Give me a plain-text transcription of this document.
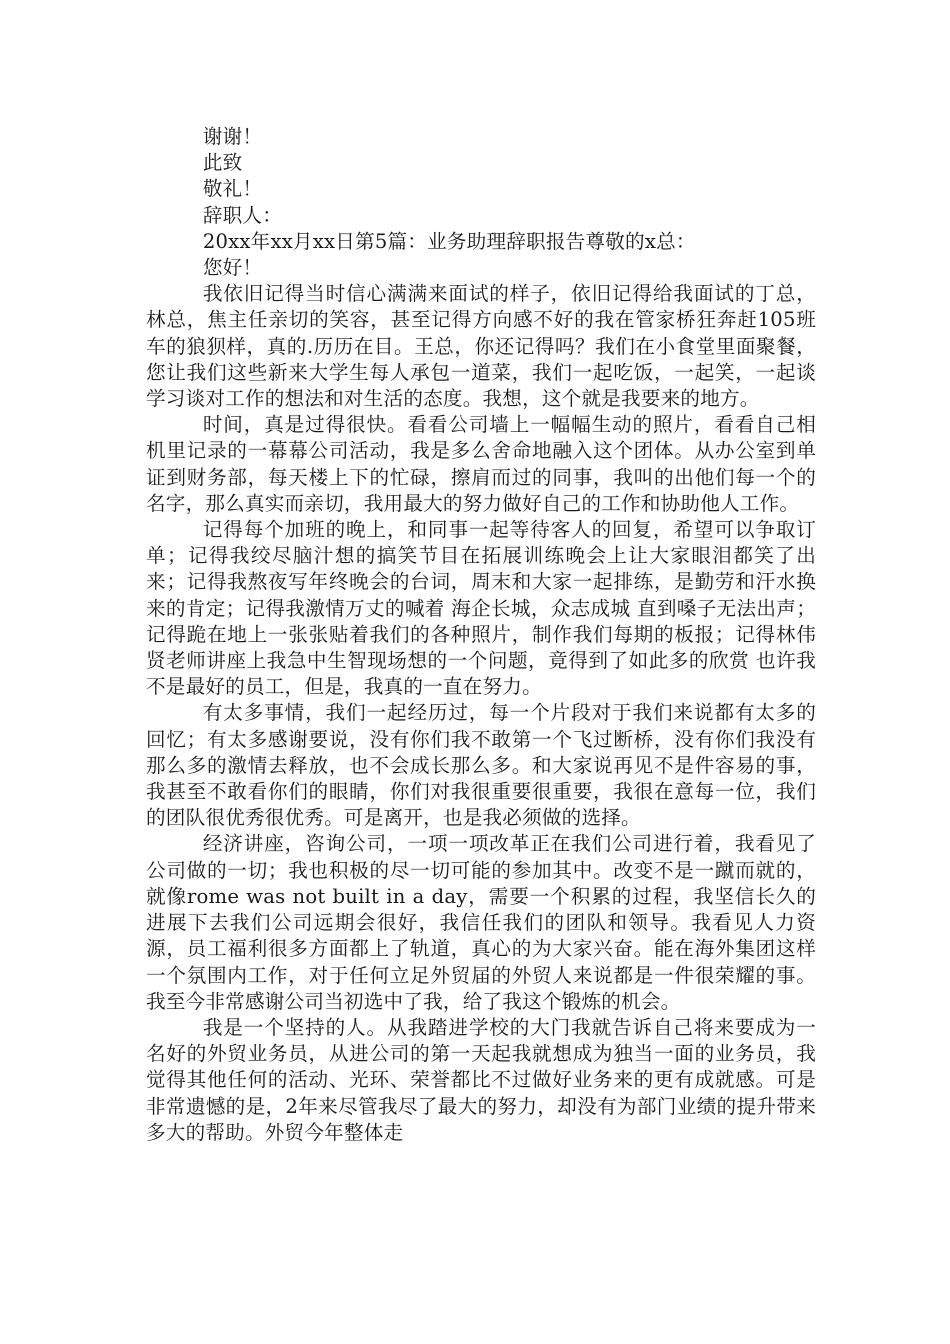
谢谢！

此致

敬礼！

辞职人：

20xx年xx月xx日第5篇：业务助理辞职报告尊敬的x总：

您好！

我依旧记得当时信心满满来面试的样子，依旧记得给我面试的丁总，林总，焦主任亲切的笑容，甚至记得方向感不好的我在管家桥狂奔赶105班车的狼狈样，真的.历历在目。王总，你还记得吗？我们在小食堂里面聚餐，您让我们这些新来大学生每人承包一道菜，我们一起吃饭，一起笑，一起谈学习谈对工作的想法和对生活的态度。我想，这个就是我要来的地方。

时间，真是过得很快。看看公司墙上一幅幅生动的照片，看看自己相机里记录的一幕幕公司活动，我是多么舍命地融入这个团体。从办公室到单证到财务部，每天楼上下的忙碌，擦肩而过的同事，我叫的出他们每一个的名字，那么真实而亲切，我用最大的努力做好自己的工作和协助他人工作。

记得每个加班的晚上，和同事一起等待客人的回复，希望可以争取订单；记得我绞尽脑汁想的搞笑节目在拓展训练晚会上让大家眼泪都笑了出来；记得我熬夜写年终晚会的台词，周末和大家一起排练，是勤劳和汗水换来的肯定；记得我激情万丈的喊着 海企长城，众志成城 直到嗓子无法出声；记得跪在地上一张张贴着我们的各种照片，制作我们每期的板报；记得林伟贤老师讲座上我急中生智现场想的一个问题，竟得到了如此多的欣赏 也许我不是最好的员工，但是，我真的一直在努力。

有太多事情，我们一起经历过，每一个片段对于我们来说都有太多的回忆；有太多感谢要说，没有你们我不敢第一个飞过断桥，没有你们我没有那么多的激情去释放，也不会成长那么多。和大家说再见不是件容易的事，我甚至不敢看你们的眼睛，你们对我很重要很重要，我很在意每一位，我们的团队很优秀很优秀。可是离开，也是我必须做的选择。

经济讲座，咨询公司，一项一项改革正在我们公司进行着，我看见了公司做的一切；我也积极的尽一切可能的参加其中。改变不是一蹴而就的，就像rome was not built in a day，需要一个积累的过程，我坚信长久的进展下去我们公司远期会很好，我信任我们的团队和领导。我看见人力资源，员工福利很多方面都上了轨道，真心的为大家兴奋。能在海外集团这样一个氛围内工作，对于任何立足外贸届的外贸人来说都是一件很荣耀的事。我至今非常感谢公司当初选中了我，给了我这个锻炼的机会。

我是一个坚持的人。从我踏进学校的大门我就告诉自己将来要成为一名好的外贸业务员，从进公司的第一天起我就想成为独当一面的业务员，我觉得其他任何的活动、光环、荣誉都比不过做好业务来的更有成就感。可是非常遗憾的是，2年来尽管我尽了最大的努力，却没有为部门业绩的提升带来多大的帮助。外贸今年整体走
